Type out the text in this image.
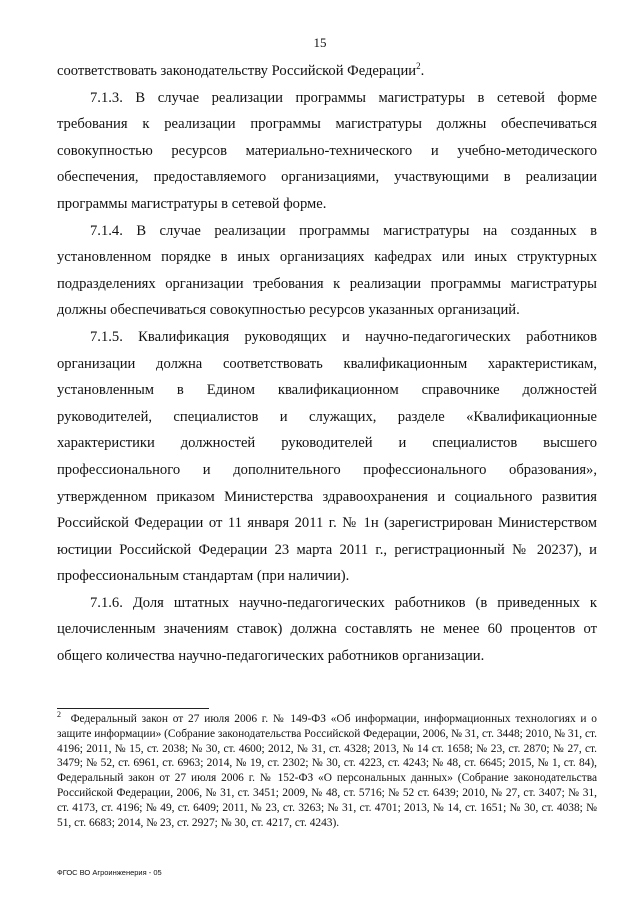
15

соответствовать законодательству Российской Федерации$^2$.

7.1.3. В случае реализации программы магистратуры в сетевой форме требования к реализации программы магистратуры должны обеспечиваться совокупностью ресурсов материально-технического и учебно-методического обеспечения, предоставляемого организациями, участвующими в реализации программы магистратуры в сетевой форме.

7.1.4. В случае реализации программы магистратуры на созданных в установленном порядке в иных организациях кафедрах или иных структурных подразделениях организации требования к реализации программы магистратуры должны обеспечиваться совокупностью ресурсов указанных организаций.

7.1.5. Квалификация руководящих и научно-педагогических работников организации должна соответствовать квалификационным характеристикам, установленным в Едином квалификационном справочнике должностей руководителей, специалистов и служащих, разделе «Квалификационные характеристики должностей руководителей и специалистов высшего профессионального и дополнительного профессионального образования», утвержденном приказом Министерства здравоохранения и социального развития Российской Федерации от 11 января 2011 г. № 1н (зарегистрирован Министерством юстиции Российской Федерации 23 марта 2011 г., регистрационный № 20237), и профессиональным стандартам (при наличии).

7.1.6. Доля штатных научно-педагогических работников (в приведенных к целочисленным значениям ставок) должна составлять не менее 60 процентов от общего количества научно-педагогических работников организации.

$^2$ Федеральный закон от 27 июля 2006 г. № 149-ФЗ «Об информации, информационных технологиях и о защите информации» (Собрание законодательства Российской Федерации, 2006, № 31, ст. 3448; 2010, № 31, ст. 4196; 2011, № 15, ст. 2038; № 30, ст. 4600; 2012, № 31, ст. 4328; 2013, № 14 ст. 1658; № 23, ст. 2870; № 27, ст. 3479; № 52, ст. 6961, ст. 6963; 2014, № 19, ст. 2302; № 30, ст. 4223, ст. 4243; № 48, ст. 6645; 2015, № 1, ст. 84), Федеральный закон от 27 июля 2006 г. № 152-ФЗ «О персональных данных» (Собрание законодательства Российской Федерации, 2006, № 31, ст. 3451; 2009, № 48, ст. 5716; № 52 ст. 6439; 2010, № 27, ст. 3407; № 31, ст. 4173, ст. 4196; № 49, ст. 6409; 2011, № 23, ст. 3263; № 31, ст. 4701; 2013, № 14, ст. 1651; № 30, ст. 4038; № 51, ст. 6683; 2014, № 23, ст. 2927; № 30, ст. 4217, ст. 4243).
ФГОС ВО Агроинженерия - 05
